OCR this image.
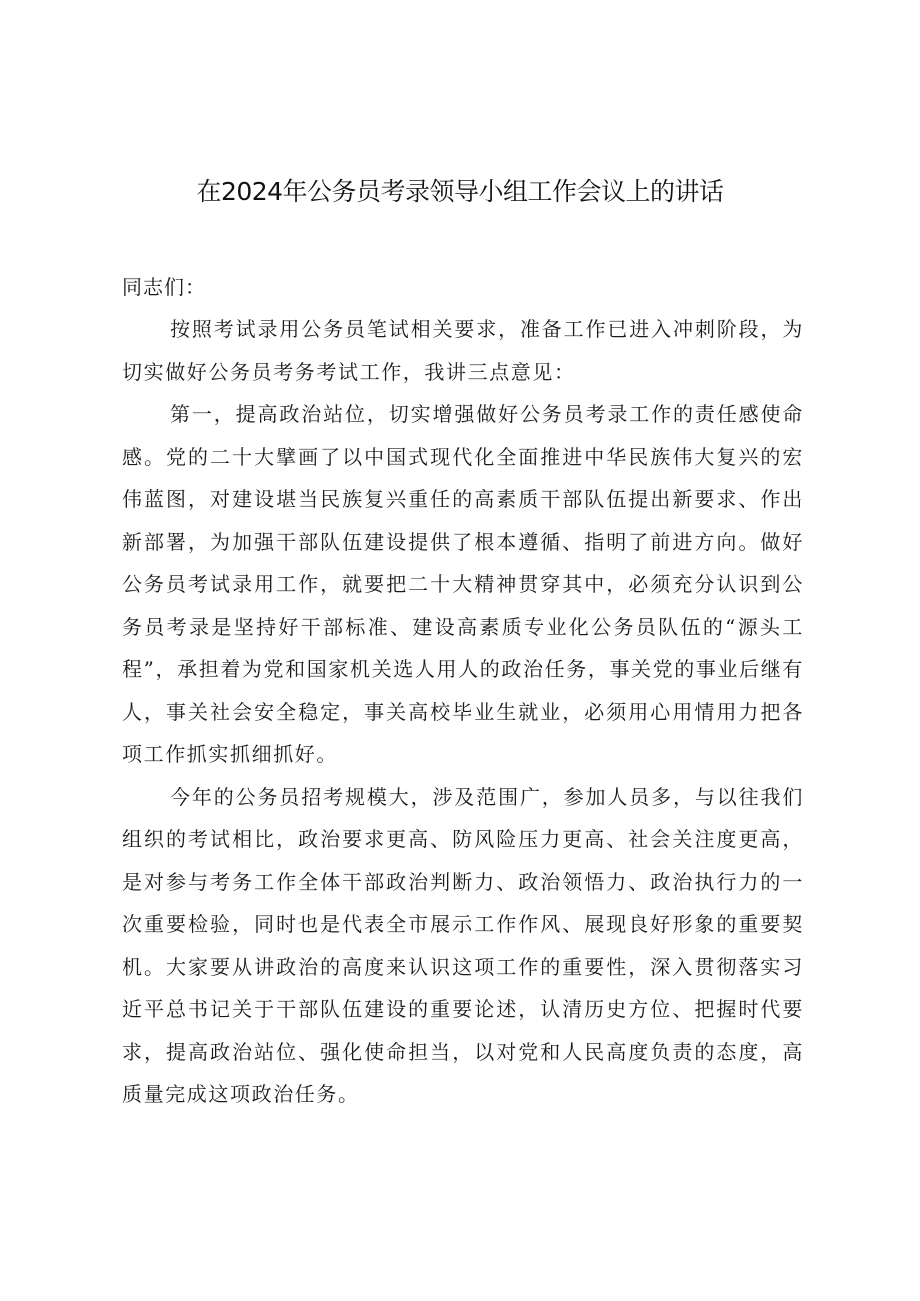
在2024年公务员考录领导小组工作会议上的讲话

同志们：

按照考试录用公务员笔试相关要求，准备工作已进入冲刺阶段，为切实做好公务员考务考试工作，我讲三点意见：

第一，提高政治站位，切实增强做好公务员考录工作的责任感使命感。党的二十大擘画了以中国式现代化全面推进中华民族伟大复兴的宏伟蓝图，对建设堪当民族复兴重任的高素质干部队伍提出新要求、作出新部署，为加强干部队伍建设提供了根本遵循、指明了前进方向。做好公务员考试录用工作，就要把二十大精神贯穿其中，必须充分认识到公务员考录是坚持好干部标准、建设高素质专业化公务员队伍的“源头工程”，承担着为党和国家机关选人用人的政治任务，事关党的事业后继有人，事关社会安全稳定，事关高校毕业生就业，必须用心用情用力把各项工作抓实抓细抓好。

今年的公务员招考规模大，涉及范围广，参加人员多，与以往我们组织的考试相比，政治要求更高、防风险压力更高、社会关注度更高，是对参与考务工作全体干部政治判断力、政治领悟力、政治执行力的一次重要检验，同时也是代表全市展示工作作风、展现良好形象的重要契机。大家要从讲政治的高度来认识这项工作的重要性，深入贯彻落实习近平总书记关于干部队伍建设的重要论述，认清历史方位、把握时代要求，提高政治站位、强化使命担当，以对党和人民高度负责的态度，高质量完成这项政治任务。
